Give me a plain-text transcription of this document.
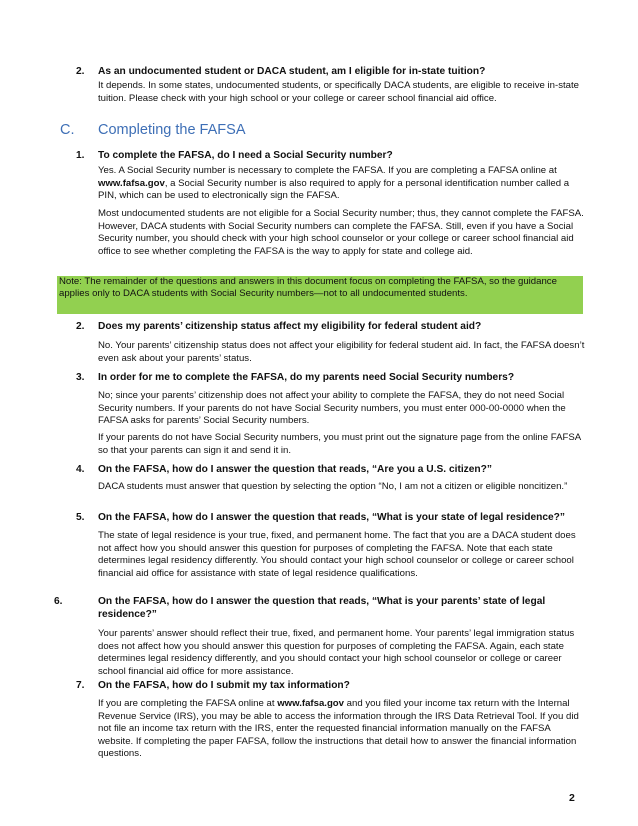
2. As an undocumented student or DACA student, am I eligible for in-state tuition?
It depends. In some states, undocumented students, or specifically DACA students, are eligible to receive in-state tuition. Please check with your high school or your college or career school financial aid office.
C. Completing the FAFSA
1. To complete the FAFSA, do I need a Social Security number?
Yes. A Social Security number is necessary to complete the FAFSA. If you are completing a FAFSA online at www.fafsa.gov, a Social Security number is also required to apply for a personal identification number called a PIN, which can be used to electronically sign the FAFSA.
Most undocumented students are not eligible for a Social Security number; thus, they cannot complete the FAFSA. However, DACA students with Social Security numbers can complete the FAFSA. Still, even if you have a Social Security number, you should check with your high school counselor or your college or career school financial aid office to see whether completing the FAFSA is the way to apply for state and college aid.
Note: The remainder of the questions and answers in this document focus on completing the FAFSA, so the guidance applies only to DACA students with Social Security numbers—not to all undocumented students.
2. Does my parents’ citizenship status affect my eligibility for federal student aid?
No. Your parents’ citizenship status does not affect your eligibility for federal student aid. In fact, the FAFSA doesn’t even ask about your parents’ status.
3. In order for me to complete the FAFSA, do my parents need Social Security numbers?
No; since your parents’ citizenship does not affect your ability to complete the FAFSA, they do not need Social Security numbers. If your parents do not have Social Security numbers, you must enter 000-00-0000 when the FAFSA asks for parents’ Social Security numbers.
If your parents do not have Social Security numbers, you must print out the signature page from the online FAFSA so that your parents can sign it and send it in.
4. On the FAFSA, how do I answer the question that reads, “Are you a U.S. citizen?”
DACA students must answer that question by selecting the option “No, I am not a citizen or eligible noncitizen.”
5. On the FAFSA, how do I answer the question that reads, “What is your state of legal residence?”
The state of legal residence is your true, fixed, and permanent home. The fact that you are a DACA student does not affect how you should answer this question for purposes of completing the FAFSA. Note that each state determines legal residency differently. You should contact your high school counselor or college or career school financial aid office for assistance with state of legal residence qualifications.
6.	On the FAFSA, how do I answer the question that reads, “What is your parents’ state of legal residence?”
Your parents’ answer should reflect their true, fixed, and permanent home. Your parents’ legal immigration status does not affect how you should answer this question for purposes of completing the FAFSA. Again, each state determines legal residency differently, and you should contact your high school counselor or college or career school financial aid office for more assistance.
7. On the FAFSA, how do I submit my tax information?
If you are completing the FAFSA online at www.fafsa.gov and you filed your income tax return with the Internal Revenue Service (IRS), you may be able to access the information through the IRS Data Retrieval Tool. If you did not file an income tax return with the IRS, enter the requested financial information manually on the FAFSA website. If completing the paper FAFSA, follow the instructions that detail how to answer the financial information questions.
2
